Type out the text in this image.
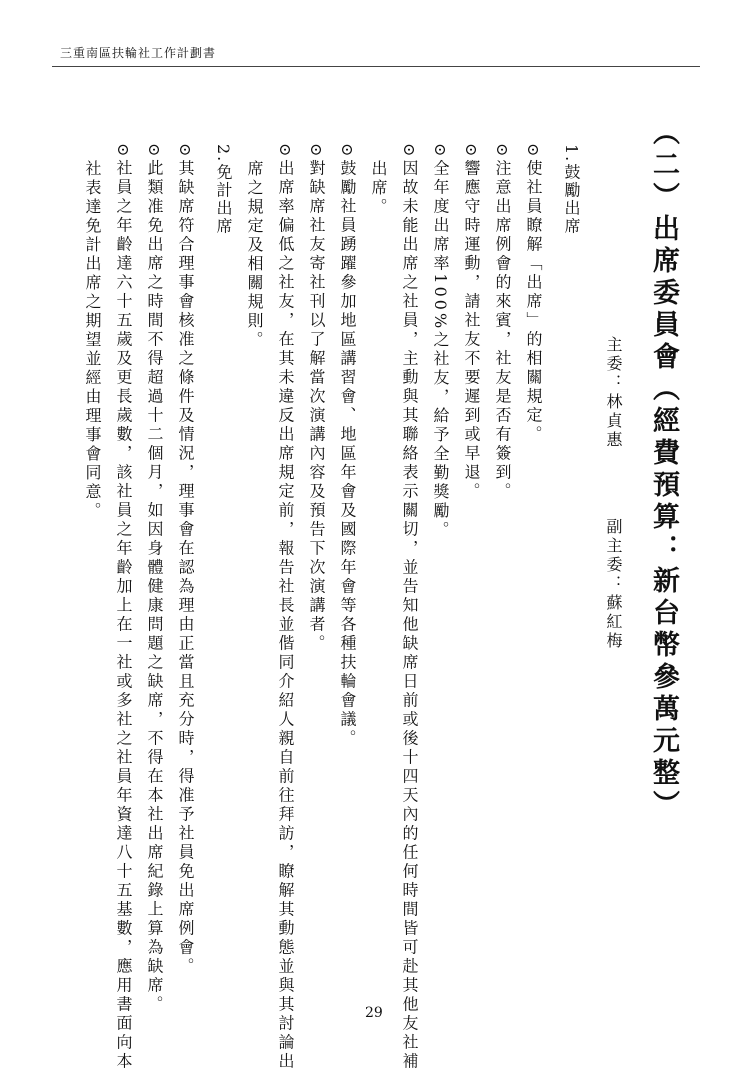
三重南區扶輪社工作計劃書
（二）出席委員會（經費預算：新台幣參萬元整）
主委：林貞惠
副主委：蘇紅梅
1.鼓勵出席
⊙使社員瞭解「出席」的相關規定。
⊙注意出席例會的來賓，社友是否有簽到。
⊙響應守時運動，請社友不要遲到或早退。
⊙全年度出席率100%之社友，給予全勤獎勵。
⊙因故未能出席之社員，主動與其聯絡表示關切，並告知他缺席日前或後十四天內的任何時間皆可赴其他友社補
出席。
⊙鼓勵社員踴躍參加地區講習會、地區年會及國際年會等各種扶輪會議。
⊙對缺席社友寄社刊以了解當次演講內容及預告下次演講者。
⊙出席率偏低之社友，在其未違反出席規定前，報告社長並偕同介紹人親自前往拜訪，瞭解其動態並與其討論出
席之規定及相關規則。
2.免計出席
⊙其缺席符合理事會核准之條件及情況，理事會在認為理由正當且充分時，得准予社員免出席例會。
⊙此類准免出席之時間不得超過十二個月，如因身體健康問題之缺席，不得在本社出席紀錄上算為缺席。
⊙社員之年齡達六十五歲及更長歲數，該社員之年齡加上在一社或多社之社員年資達八十五基數，應用書面向本
社表達免計出席之期望並經由理事會同意。
29
